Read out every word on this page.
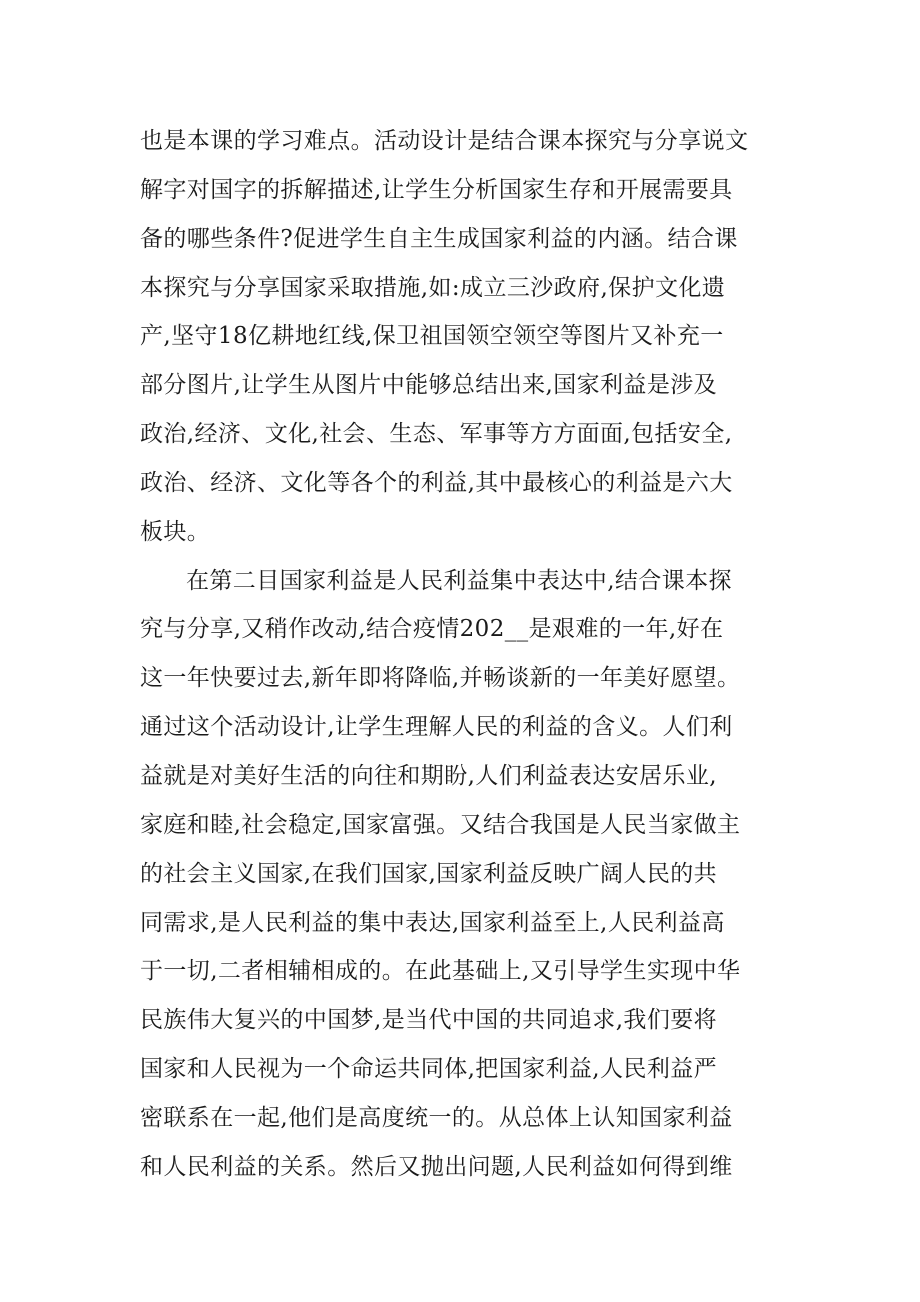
也是本课的学习难点。活动设计是结合课本探究与分享说文
解字对国字的拆解描述,让学生分析国家生存和开展需要具
备的哪些条件?促进学生自主生成国家利益的内涵。结合课
本探究与分享国家采取措施,如:成立三沙政府,保护文化遗
产,坚守18亿耕地红线,保卫祖国领空领空等图片又补充一
部分图片,让学生从图片中能够总结出来,国家利益是涉及
政治,经济、文化,社会、生态、军事等方方面面,包括安全,
政治、经济、文化等各个的利益,其中最核心的利益是六大
板块。
在第二目国家利益是人民利益集中表达中,结合课本探
究与分享,又稍作改动,结合疫情202__是艰难的一年,好在
这一年快要过去,新年即将降临,并畅谈新的一年美好愿望。
通过这个活动设计,让学生理解人民的利益的含义。人们利
益就是对美好生活的向往和期盼,人们利益表达安居乐业,
家庭和睦,社会稳定,国家富强。又结合我国是人民当家做主
的社会主义国家,在我们国家,国家利益反映广阔人民的共
同需求,是人民利益的集中表达,国家利益至上,人民利益高
于一切,二者相辅相成的。在此基础上,又引导学生实现中华
民族伟大复兴的中国梦,是当代中国的共同追求,我们要将
国家和人民视为一个命运共同体,把国家利益,人民利益严
密联系在一起,他们是高度统一的。从总体上认知国家利益
和人民利益的关系。然后又抛出问题,人民利益如何得到维
